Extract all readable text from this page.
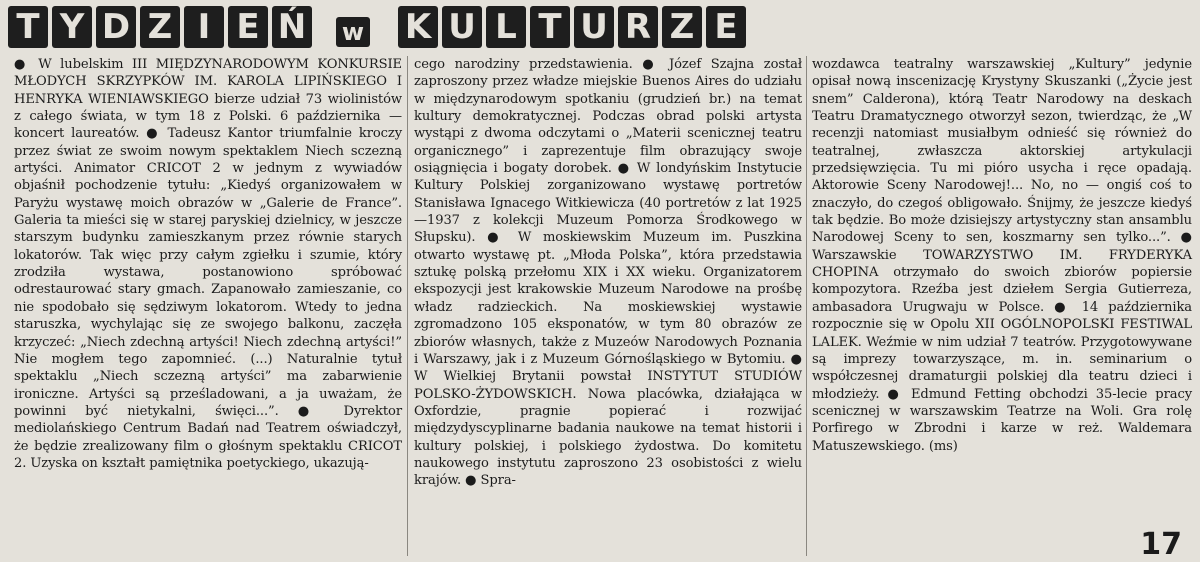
T Y D Z I E Ń w K U L T U R Z E

● W lubelskim III MIĘDZYNARODOWYM KONKURSIE MŁODYCH SKRZYPKÓW IM. KAROLA LIPIŃSKIEGO I HENRYKA WIENIAWSKIEGO bierze udział 73 wiolinistów z całego świata, w tym 18 z Polski. 6 października — koncert laureatów. ● Tadeusz Kantor triumfalnie kroczy przez świat ze swoim nowym spektaklem Niech sczezną artyści. Animator CRICOT 2 w jednym z wywiadów objaśnił pochodzenie tytułu: „Kiedyś organizowałem w Paryżu wystawę moich obrazów w „Galerie de France”. Galeria ta mieści się w starej paryskiej dzielnicy, w jeszcze starszym budynku zamieszkanym przez równie starych lokatorów. Tak więc przy całym zgiełku i szumie, który zrodziła wystawa, postanowiono spróbować odrestaurować stary gmach. Zapanowało zamieszanie, co nie spodobało się sędziwym lokatorom. Wtedy to jedna staruszka, wychylając się ze swojego balkonu, zaczęła krzyczeć: „Niech zdechną artyści! Niech zdechną artyści!” Nie mogłem tego zapomnieć. (...) Naturalnie tytuł spektaklu „Niech sczezną artyści” ma zabarwienie ironiczne. Artyści są prześladowani, a ja uważam, że powinni być nietykalni, święci...”. ● Dyrektor mediolańskiego Centrum Badań nad Teatrem oświadczył, że będzie zrealizowany film o głośnym spektaklu CRICOT 2. Uzyska on kształt pamiętnika poetyckiego, ukazują-

cego narodziny przedstawienia. ● Józef Szajna został zaproszony przez władze miejskie Buenos Aires do udziału w międzynarodowym spotkaniu (grudzień br.) na temat kultury demokratycznej. Podczas obrad polski artysta wystąpi z dwoma odczytami o „Materii scenicznej teatru organicznego” i zaprezentuje film obrazujący swoje osiągnięcia i bogaty dorobek. ● W londyńskim Instytucie Kultury Polskiej zorganizowano wystawę portretów Stanisława Ignacego Witkiewicza (40 portretów z lat 1925—1937 z kolekcji Muzeum Pomorza Środkowego w Słupsku). ● W moskiewskim Muzeum im. Puszkina otwarto wystawę pt. „Młoda Polska”, która przedstawia sztukę polską przełomu XIX i XX wieku. Organizatorem ekspozycji jest krakowskie Muzeum Narodowe na prośbę władz radzieckich. Na moskiewskiej wystawie zgromadzono 105 eksponatów, w tym 80 obrazów ze zbiorów własnych, także z Muzeów Narodowych Poznania i Warszawy, jak i z Muzeum Górnośląskiego w Bytomiu. ● W Wielkiej Brytanii powstał INSTYTUT STUDIÓW POLSKO-ŻYDOWSKICH. Nowa placówka, działająca w Oxfordzie, pragnie popierać i rozwijać międzydyscyplinarne badania naukowe na temat historii i kultury polskiej, i polskiego żydostwa. Do komitetu naukowego instytutu zaproszono 23 osobistości z wielu krajów. ● Spra-

wozdawca teatralny warszawskiej „Kultury” jedynie opisał nową inscenizację Krystyny Skuszanki („Życie jest snem” Calderona), którą Teatr Narodowy na deskach Teatru Dramatycznego otworzył sezon, twierdząc, że „W recenzji natomiast musiałbym odnieść się również do teatralnej, zwłaszcza aktorskiej artykulacji przedsięwzięcia. Tu mi pióro usycha i ręce opadają. Aktorowie Sceny Narodowej!... No, no — ongiś coś to znaczyło, do czegoś obligowało. Śnijmy, że jeszcze kiedyś tak będzie. Bo może dzisiejszy artystyczny stan ansamblu Narodowej Sceny to sen, koszmarny sen tylko...”. ● Warszawskie TOWARZYSTWO IM. FRYDERYKA CHOPINA otrzymało do swoich zbiorów popiersie kompozytora. Rzeźba jest dziełem Sergia Gutierreza, ambasadora Urugwaju w Polsce. ● 14 października rozpocznie się w Opolu XII OGÓLNOPOLSKI FESTIWAL LALEK. Weźmie w nim udział 7 teatrów. Przygotowywane są imprezy towarzyszące, m. in. seminarium o współczesnej dramaturgii polskiej dla teatru dzieci i młodzieży. ● Edmund Fetting obchodzi 35-lecie pracy scenicznej w warszawskim Teatrze na Woli. Gra rolę Porfirego w Zbrodni i karze w reż. Waldemara Matuszewskiego. (ms)

17
